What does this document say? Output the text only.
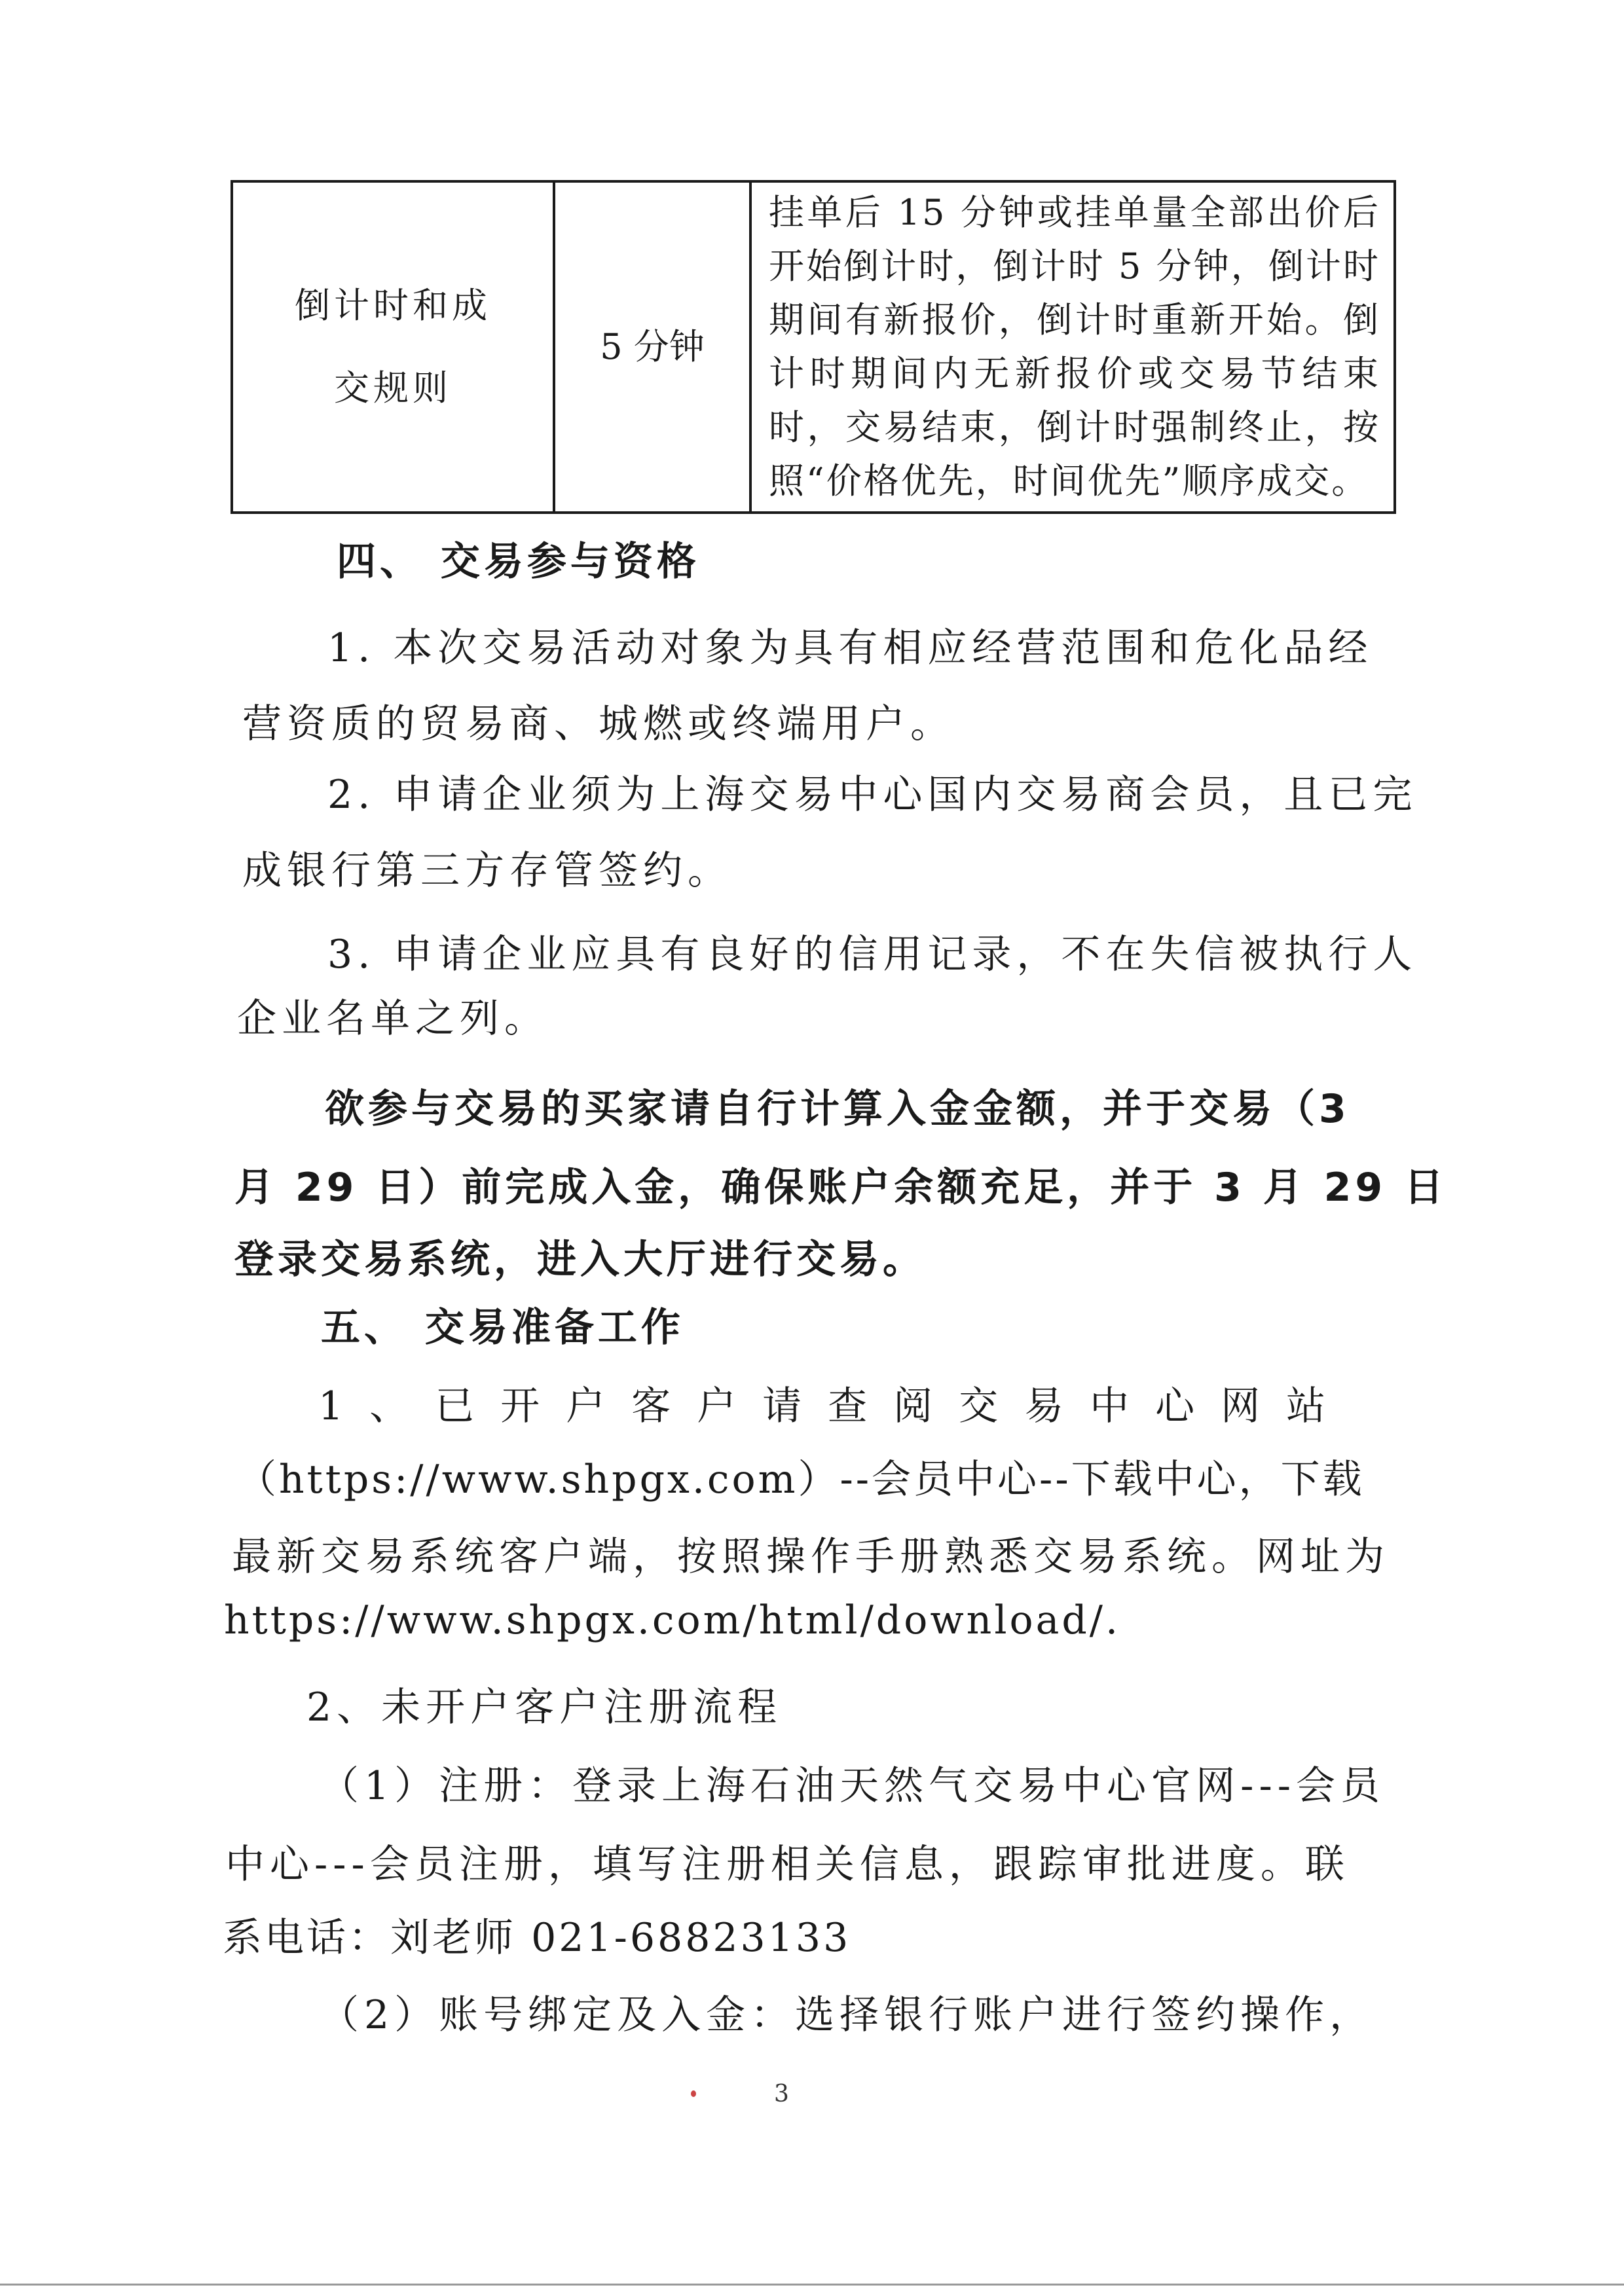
倒计时和成交规则	5 分钟	挂单后 15 分钟或挂单量全部出价后开始倒计时，倒计时 5 分钟，倒计时期间有新报价，倒计时重新开始。倒计时期间内无新报价或交易节结束时，交易结束，倒计时强制终止，按照“价格优先，时间优先”顺序成交。
四、 交易参与资格
1. 本次交易活动对象为具有相应经营范围和危化品经
营资质的贸易商、城燃或终端用户。
2. 申请企业须为上海交易中心国内交易商会员，且已完
成银行第三方存管签约。
3. 申请企业应具有良好的信用记录，不在失信被执行人
企业名单之列。
欲参与交易的买家请自行计算入金金额，并于交易（3
月 29 日）前完成入金，确保账户余额充足，并于 3 月 29 日
登录交易系统，进入大厅进行交易。
五、 交易准备工作
1、已开户客户请查阅交易中心网站
（https://www.shpgx.com）--会员中心--下载中心，下载
最新交易系统客户端，按照操作手册熟悉交易系统。网址为
https://www.shpgx.com/html/download/.
2、未开户客户注册流程
（1）注册：登录上海石油天然气交易中心官网---会员
中心---会员注册，填写注册相关信息，跟踪审批进度。联
系电话：刘老师 021-68823133
（2）账号绑定及入金：选择银行账户进行签约操作，
3
